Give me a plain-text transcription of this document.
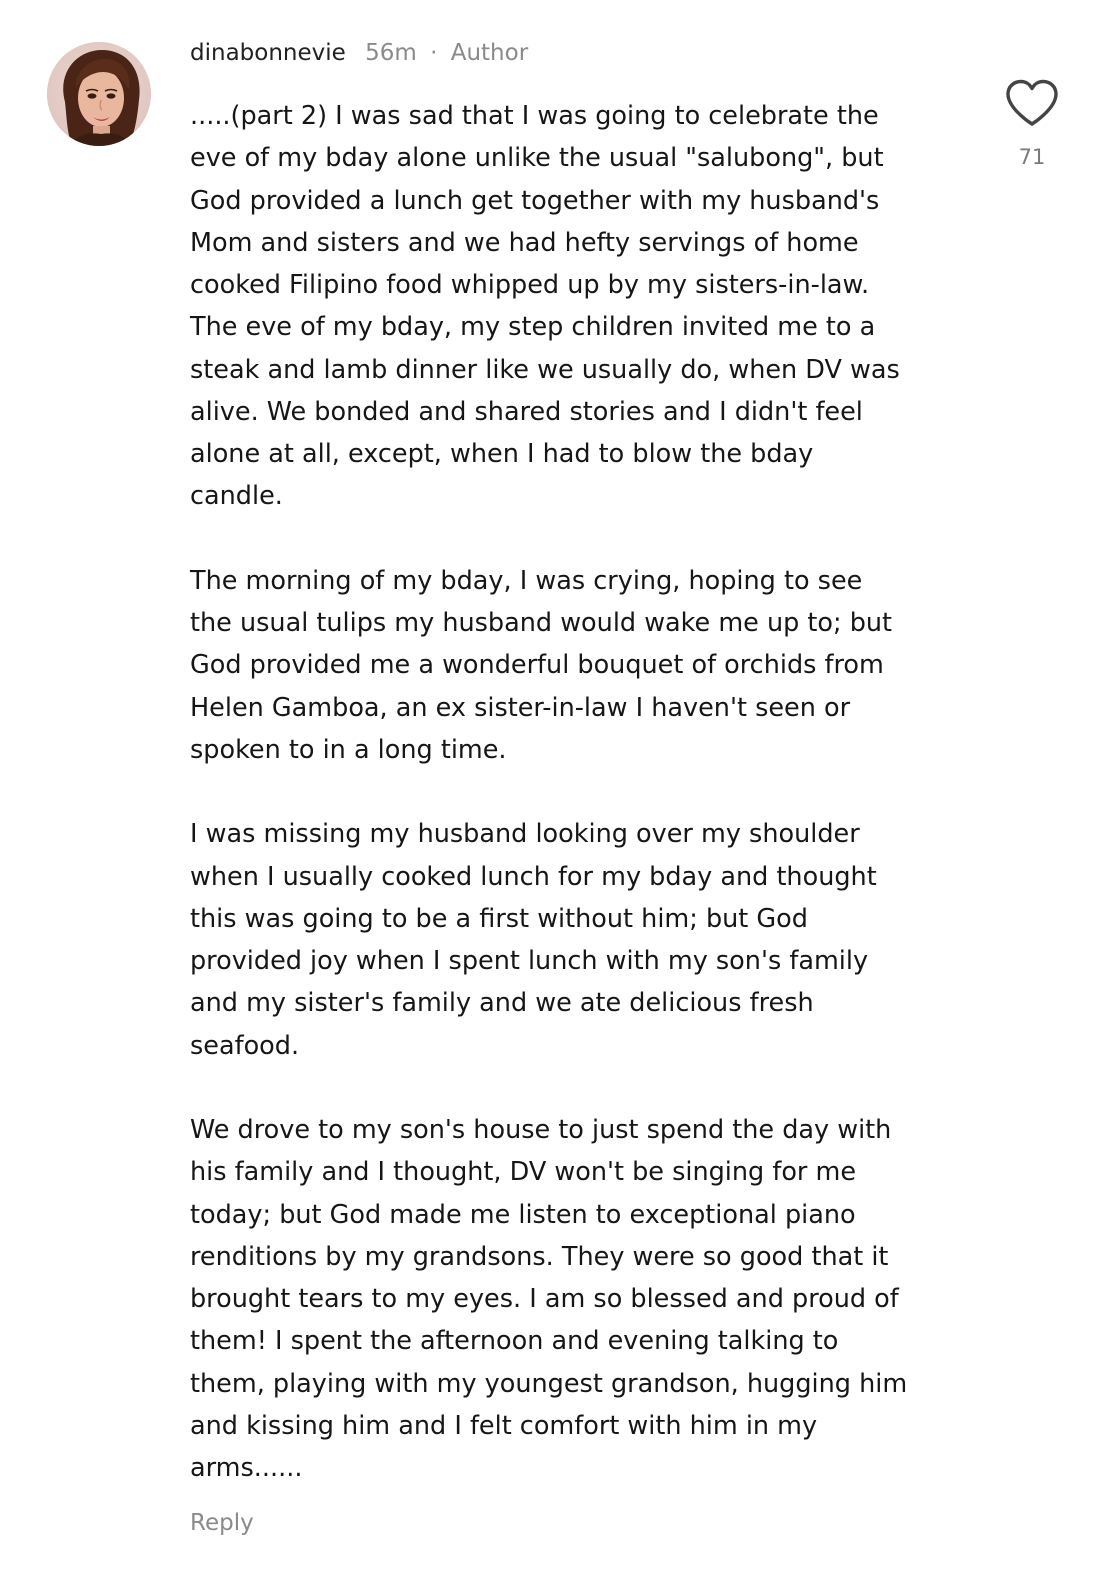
dinabonnevie 56m · Author
.....(part 2) I was sad that I was going to celebrate the
eve of my bday alone unlike the usual "salubong", but
God provided a lunch get together with my husband's
Mom and sisters and we had hefty servings of home
cooked Filipino food whipped up by my sisters-in-law.
The eve of my bday, my step children invited me to a
steak and lamb dinner like we usually do, when DV was
alive. We bonded and shared stories and I didn't feel
alone at all, except, when I had to blow the bday
candle.
The morning of my bday, I was crying, hoping to see
the usual tulips my husband would wake me up to; but
God provided me a wonderful bouquet of orchids from
Helen Gamboa, an ex sister-in-law I haven't seen or
spoken to in a long time.
I was missing my husband looking over my shoulder
when I usually cooked lunch for my bday and thought
this was going to be a first without him; but God
provided joy when I spent lunch with my son's family
and my sister's family and we ate delicious fresh
seafood.
We drove to my son's house to just spend the day with
his family and I thought, DV won't be singing for me
today; but God made me listen to exceptional piano
renditions by my grandsons. They were so good that it
brought tears to my eyes. I am so blessed and proud of
them! I spent the afternoon and evening talking to
them, playing with my youngest grandson, hugging him
and kissing him and I felt comfort with him in my
arms......
Reply
71
